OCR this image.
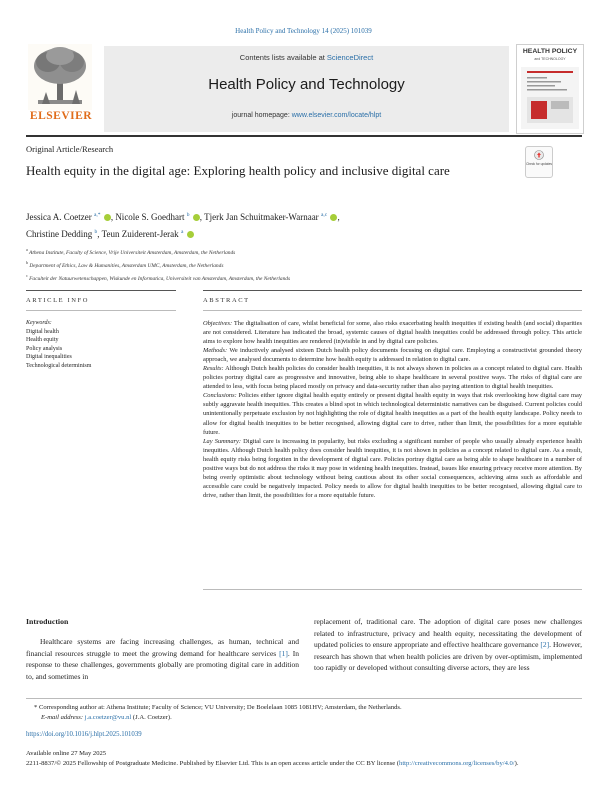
Health Policy and Technology 14 (2025) 101039
Contents lists available at ScienceDirect
Health Policy and Technology
journal homepage: www.elsevier.com/locate/hlpt
ELSEVIER
HEALTH POLICY
and TECHNOLOGY
Original Article/Research
Check for updates
Health equity in the digital age: Exploring health policy and inclusive digital care
Jessica A. Coetzer $^{a,*}$ , Nicole S. Goedhart $^b$ , Tjerk Jan Schuitmaker-Warnaar $^{a,c}$ ,
Christine Dedding $^b$, Teun Zuiderent-Jerak $^a$
$^a$ Athena Institute, Faculty of Science, Vrije Universiteit Amsterdam, Amsterdam, the Netherlands
$^b$ Department of Ethics, Law & Humanities, Amsterdam UMC, Amsterdam, the Netherlands
$^c$ Faculteit der Natuurwetenschappen, Wiskunde en Informatica, Universiteit van Amsterdam, Amsterdam, the Netherlands
ARTICLE INFO	ABSTRACT
Keywords:
Digital health
Health equity
Policy analysis
Digital inequalities
Technological determinism

Objectives: The digitalisation of care, whilst beneficial for some, also risks exacerbating health inequities if existing health (and social) disparities are not considered. Literature has indicated the broad, systemic causes of digital health inequities could be addressed through policy. This article aims to explore how health inequities are rendered (in)visible in and by digital care policies.

Methods: We inductively analysed sixteen Dutch health policy documents focusing on digital care. Employing a constructivist grounded theory approach, we analysed documents to determine how health equity is addressed in relation to digital care.

Results: Although Dutch health policies do consider health inequities, it is not always shown in policies as a concept related to digital care. Health policies portray digital care as progressive and innovative, being able to shape healthcare in several positive ways. The risks of digital care are attended to less, with focus being placed mostly on privacy and data-security rather than also paying attention to digital health inequities.

Conclusions: Policies either ignore digital health equity entirely or present digital health equity in ways that risk overlooking how digital care may subtly aggravate health inequities. This creates a blind spot in which technological deterministic narratives can be disguised. Current policies could unintentionally perpetuate exclusion by not highlighting the role of digital health inequities as a part of the health equity landscape. Policy needs to allow for digital health inequities to be better recognised, allowing digital care to drive, rather than limit, the possibilities for a more equitable future.

Lay Summary: Digital care is increasing in popularity, but risks excluding a significant number of people who usually already experience health inequities. Although Dutch health policy does consider health inequities, it is not shown in policies as a concept related to digital care. As a result, health equity risks being forgotten in the development of digital care. Policies portray digital care as being able to shape healthcare in a number of positive ways but do not address the risks it may pose in widening health inequities. Instead, issues like ensuring privacy receive more attention. By being overly optimistic about technology without being cautious about its other social consequences, achieving aims such as affordable and accessible care could be negatively impacted. Policy needs to allow for digital health inequities to be better recognised, allowing digital care to drive, rather than limit, the possibilities for a more equitable future.

Introduction

Healthcare systems are facing increasing challenges, as human, technical and financial resources struggle to meet the growing demand for healthcare services [1]. In response to these challenges, governments globally are promoting digital care in addition to, and sometimes in

replacement of, traditional care. The adoption of digital care poses new challenges related to infrastructure, privacy and health equity, necessitating the development of updated policies to ensure appropriate and effective healthcare governance [2]. However, research has shown that when health policies are driven by over-optimism, implemented too rapidly or developed without consulting diverse actors, they are less

* Corresponding author at: Athena Institute; Faculty of Science; VU University; De Boelelaan 1085 1081HV; Amsterdam, the Netherlands.
E-mail address: j.a.coetzer@vu.nl (J.A. Coetzer).
https://doi.org/10.1016/j.hlpt.2025.101039
Available online 27 May 2025
2211-8837/© 2025 Fellowship of Postgraduate Medicine. Published by Elsevier Ltd. This is an open access article under the CC BY license (http://creativecommons.org/licenses/by/4.0/).
